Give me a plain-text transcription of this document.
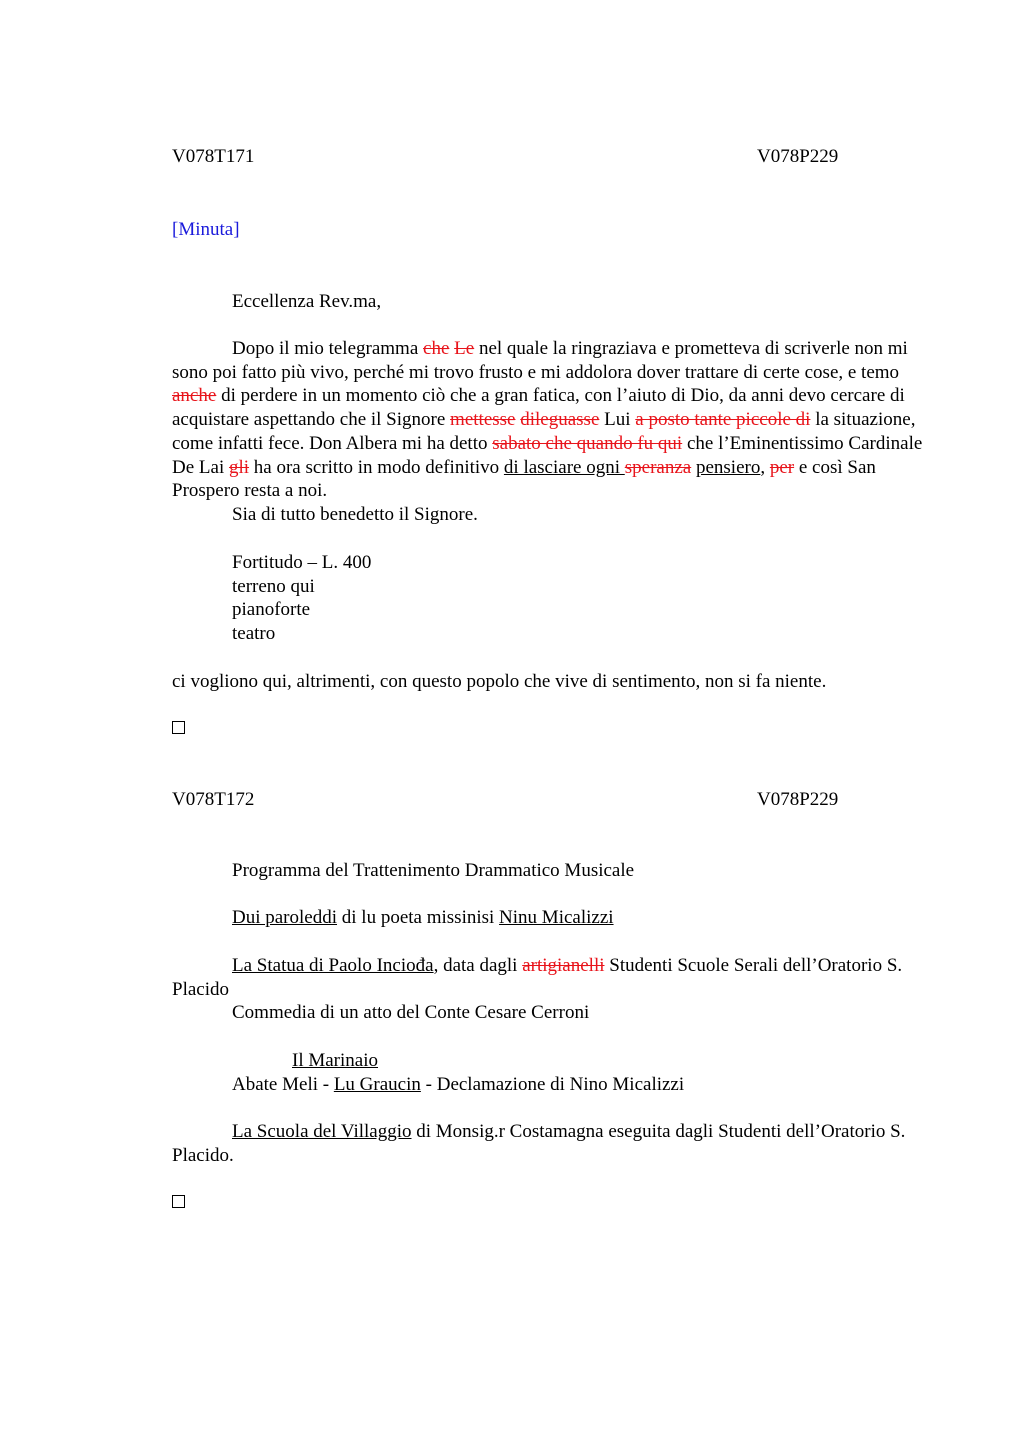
V078T171	V078P229
[Minuta]
Eccellenza Rev.ma,
Dopo il mio telegramma che Le nel quale la ringraziava e prometteva di scriverle non mi sono poi fatto più vivo, perché mi trovo frusto e mi addolora dover trattare di certe cose, e temo anche di perdere in un momento ciò che a gran fatica, con l’aiuto di Dio, da anni devo cercare di acquistare aspettando che il Signore mettesse dileguasse Lui a posto tante piccole di la situazione, come infatti fece. Don Albera mi ha detto sabato che quando fu qui che l’Eminentissimo Cardinale De Lai gli ha ora scritto in modo definitivo di lasciare ogni speranza pensiero, per e così San Prospero resta a noi.
Sia di tutto benedetto il Signore.
Fortitudo – L. 400
terreno qui
pianoforte
teatro
ci vogliono qui, altrimenti, con questo popolo che vive di sentimento, non si fa niente.
V078T172	V078P229
Programma del Trattenimento Drammatico Musicale
Dui paroleddi di lu poeta missinisi Ninu Micalizzi
La Statua di Paolo Inciođa, data dagli artigianelli Studenti Scuole Serali dell’Oratorio S. Placido
Commedia di un atto del Conte Cesare Cerroni
Il Marinaio
Abate Meli - Lu Graucin - Declamazione di Nino Micalizzi
La Scuola del Villaggio di Monsig.r Costamagna eseguita dagli Studenti dell’Oratorio S. Placido.
